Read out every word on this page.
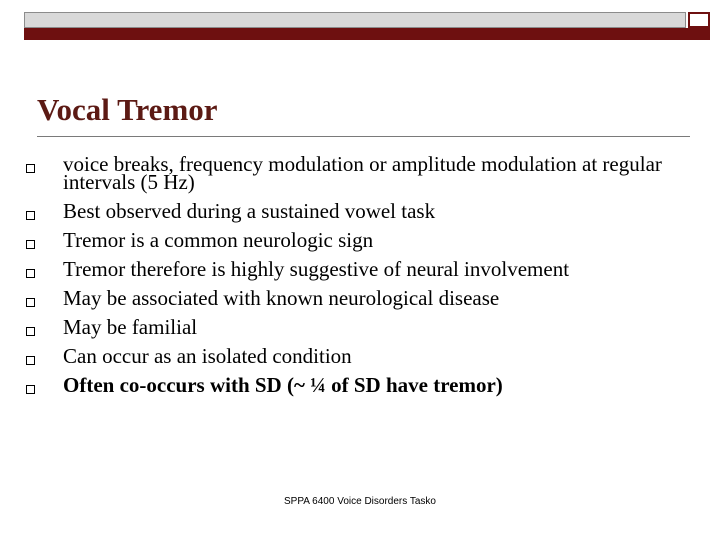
Vocal Tremor
voice breaks, frequency modulation or amplitude modulation at regular intervals (5 Hz)
Best observed during a sustained vowel task
Tremor is a common neurologic sign
Tremor therefore is highly suggestive of neural involvement
May be associated with known neurological disease
May be familial
Can occur as an isolated condition
Often co-occurs with SD (~ ¼ of SD have tremor)
SPPA 6400 Voice Disorders Tasko
